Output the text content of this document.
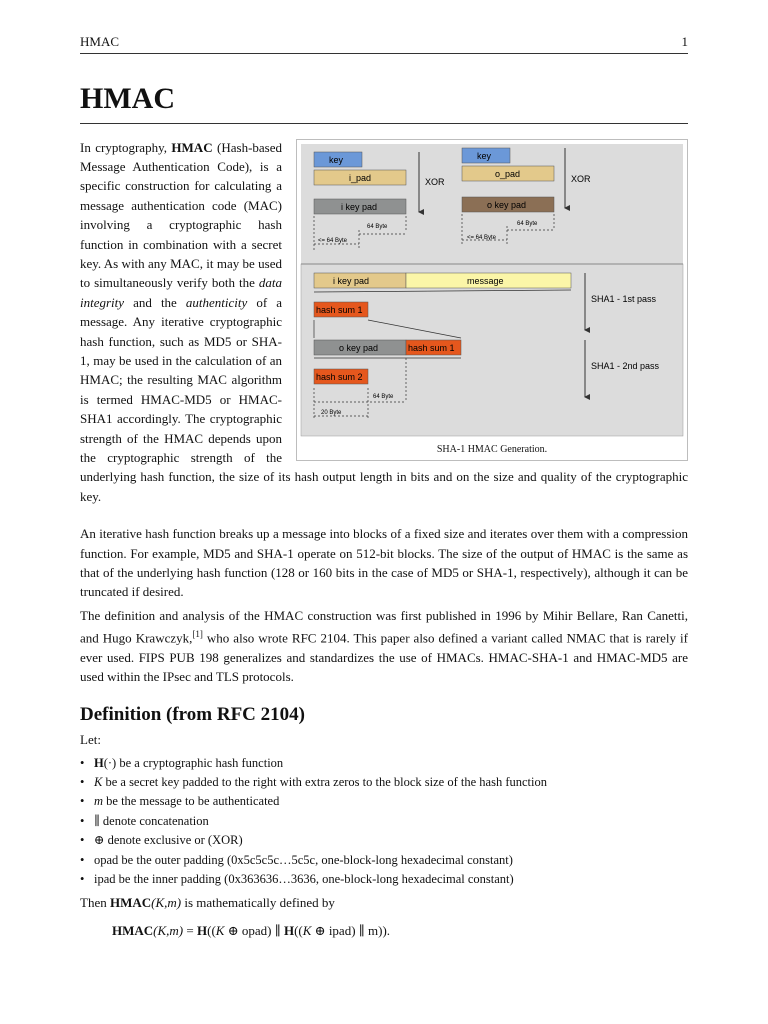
HMAC	1
HMAC
key
i_pad
i key pad
XOR
64 Byte
<= 64 Byte
key
o_pad
o key pad
XOR
64 Byte
<= 64 Byte
i key pad	message
SHA1 - 1st pass
hash sum 1
o key pad	hash sum 1
SHA1 - 2nd pass
hash sum 2
64 Byte
20 Byte
SHA-1 HMAC Generation.

In cryptography, HMAC (Hash-based Message Authentication Code), is a specific construction for calculating a message authentication code (MAC) involving a cryptographic hash function in combination with a secret key. As with any MAC, it may be used to simultaneously verify both the data integrity and the authenticity of a message. Any iterative cryptographic hash function, such as MD5 or SHA-1, may be used in the calculation of an HMAC; the resulting MAC algorithm is termed HMAC-MD5 or HMAC-SHA1 accordingly. The cryptographic strength of the HMAC depends upon the cryptographic strength of the underlying hash function, the size of its hash output length in bits and on the size and quality of the cryptographic key.

An iterative hash function breaks up a message into blocks of a fixed size and iterates over them with a compression function. For example, MD5 and SHA-1 operate on 512-bit blocks. The size of the output of HMAC is the same as that of the underlying hash function (128 or 160 bits in the case of MD5 or SHA-1, respectively), although it can be truncated if desired.

The definition and analysis of the HMAC construction was first published in 1996 by Mihir Bellare, Ran Canetti, and Hugo Krawczyk,[1] who also wrote RFC 2104. This paper also defined a variant called NMAC that is rarely if ever used. FIPS PUB 198 generalizes and standardizes the use of HMACs. HMAC-SHA-1 and HMAC-MD5 are used within the IPsec and TLS protocols.

Definition (from RFC 2104)

Let:

• H(·) be a cryptographic hash function
• K be a secret key padded to the right with extra zeros to the block size of the hash function
• m be the message to be authenticated
• ∥ denote concatenation
• ⊕ denote exclusive or (XOR)
• opad be the outer padding (0x5c5c5c…5c5c, one-block-long hexadecimal constant)
• ipad be the inner padding (0x363636…3636, one-block-long hexadecimal constant)

Then HMAC(K,m) is mathematically defined by

HMAC(K,m) = H((K ⊕ opad) ∥ H((K ⊕ ipad) ∥ m)).
